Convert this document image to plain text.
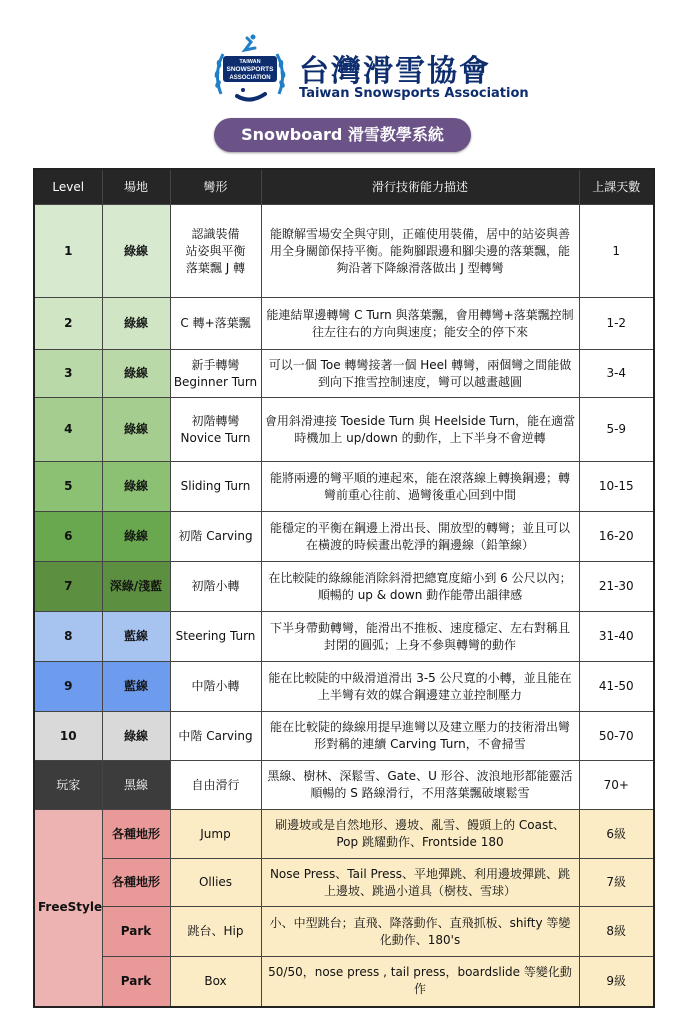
TAIWAN
SNOWSPORTS
ASSOCIATION 台灣滑雪協會
Taiwan Snowsports Association
Snowboard 滑雪教學系統
Level	場地	彎形	滑行技術能力描述	上課天數
1	綠線	認識裝備
站姿與平衡
落葉飄 J 轉	能瞭解雪場安全與守則，正確使用裝備，居中的站姿與善用全身關節保持平衡。能夠腳跟邊和腳尖邊的落葉飄，能夠沿著下降線滑落做出 J 型轉彎	1
2	綠線	C 轉+落葉飄	能連結單邊轉彎 C Turn 與落葉飄，會用轉彎+落葉飄控制往左往右的方向與速度；能安全的停下來	1-2
3	綠線	新手轉彎
Beginner Turn	可以一個 Toe 轉彎接著一個 Heel 轉彎，兩個彎之間能做到向下推雪控制速度，彎可以越畫越圓	3-4
4	綠線	初階轉彎
Novice Turn	會用斜滑連接 Toeside Turn 與 Heelside Turn，能在適當時機加上 up/down 的動作，上下半身不會逆轉	5-9
5	綠線	Sliding Turn	能將兩邊的彎平順的連起來，能在滾落線上轉換鋼邊；轉彎前重心往前、過彎後重心回到中間	10-15
6	綠線	初階 Carving	能穩定的平衡在鋼邊上滑出長、開放型的轉彎；並且可以在橫渡的時候畫出乾淨的鋼邊線（鉛筆線）	16-20
7	深綠/淺藍	初階小轉	在比較陡的綠線能消除斜滑把總寬度縮小到 6 公尺以內；順暢的 up & down 動作能帶出韻律感	21-30
8	藍線	Steering Turn	下半身帶動轉彎，能滑出不推板、速度穩定、左右對稱且封閉的圓弧；上身不參與轉彎的動作	31-40
9	藍線	中階小轉	能在比較陡的中級滑道滑出 3-5 公尺寬的小轉，並且能在上半彎有效的媒合鋼邊建立並控制壓力	41-50
10	綠線	中階 Carving	能在比較陡的綠線用提早進彎以及建立壓力的技術滑出彎形對稱的連續 Carving Turn，不會掃雪	50-70
玩家	黑線	自由滑行	黑線、樹林、深鬆雪、Gate、U 形谷、波浪地形都能靈活順暢的 S 路線滑行，不用落葉飄破壞鬆雪	70+
FreeStyle	各種地形	Jump	刷邊坡或是自然地形、邊坡、亂雪、饅頭上的 Coast、Pop 跳耀動作、Frontside 180	6級
	各種地形	Ollies	Nose Press、Tail Press、平地彈跳、利用邊坡彈跳、跳上邊坡、跳過小道具（樹枝、雪球）	7級
	Park	跳台、Hip	小、中型跳台；直飛、降落動作、直飛抓板、shifty 等變化動作、180's	8級
	Park	Box	50/50，nose press , tail press，boardslide 等變化動作	9級
